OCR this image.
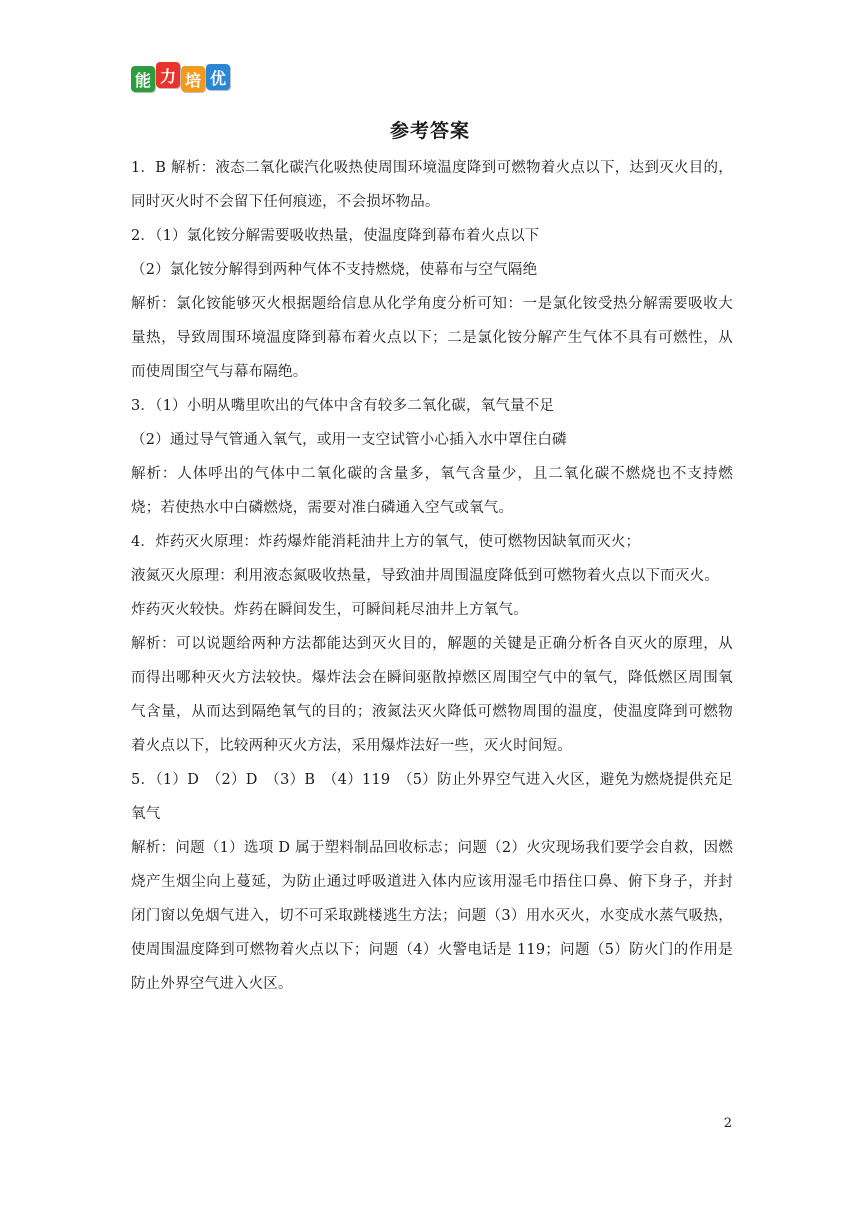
能 力 培 优
参考答案

1．B 解析：液态二氧化碳汽化吸热使周围环境温度降到可燃物着火点以下，达到灭火目的，同时灭火时不会留下任何痕迹，不会损坏物品。

2．（1）氯化铵分解需要吸收热量，使温度降到幕布着火点以下

（2）氯化铵分解得到两种气体不支持燃烧，使幕布与空气隔绝

解析：氯化铵能够灭火根据题给信息从化学角度分析可知：一是氯化铵受热分解需要吸收大量热，导致周围环境温度降到幕布着火点以下；二是氯化铵分解产生气体不具有可燃性，从而使周围空气与幕布隔绝。

3．（1）小明从嘴里吹出的气体中含有较多二氧化碳，氧气量不足

（2）通过导气管通入氧气，或用一支空试管小心插入水中罩住白磷

解析：人体呼出的气体中二氧化碳的含量多，氧气含量少，且二氧化碳不燃烧也不支持燃烧；若使热水中白磷燃烧，需要对准白磷通入空气或氧气。

4．炸药灭火原理：炸药爆炸能消耗油井上方的氧气，使可燃物因缺氧而灭火；

液氮灭火原理：利用液态氮吸收热量，导致油井周围温度降低到可燃物着火点以下而灭火。

炸药灭火较快。炸药在瞬间发生，可瞬间耗尽油井上方氧气。

解析：可以说题给两种方法都能达到灭火目的，解题的关键是正确分析各自灭火的原理，从而得出哪种灭火方法较快。爆炸法会在瞬间驱散掉燃区周围空气中的氧气，降低燃区周围氧气含量，从而达到隔绝氧气的目的；液氮法灭火降低可燃物周围的温度，使温度降到可燃物着火点以下，比较两种灭火方法，采用爆炸法好一些，灭火时间短。

5．（1）D　（2）D　（3）B　（4）119　（5）防止外界空气进入火区，避免为燃烧提供充足氧气

解析：问题（1）选项 D 属于塑料制品回收标志；问题（2）火灾现场我们要学会自救，因燃烧产生烟尘向上蔓延，为防止通过呼吸道进入体内应该用湿毛巾捂住口鼻、俯下身子，并封闭门窗以免烟气进入，切不可采取跳楼逃生方法；问题（3）用水灭火，水变成水蒸气吸热，使周围温度降到可燃物着火点以下；问题（4）火警电话是 119；问题（5）防火门的作用是防止外界空气进入火区。

2
